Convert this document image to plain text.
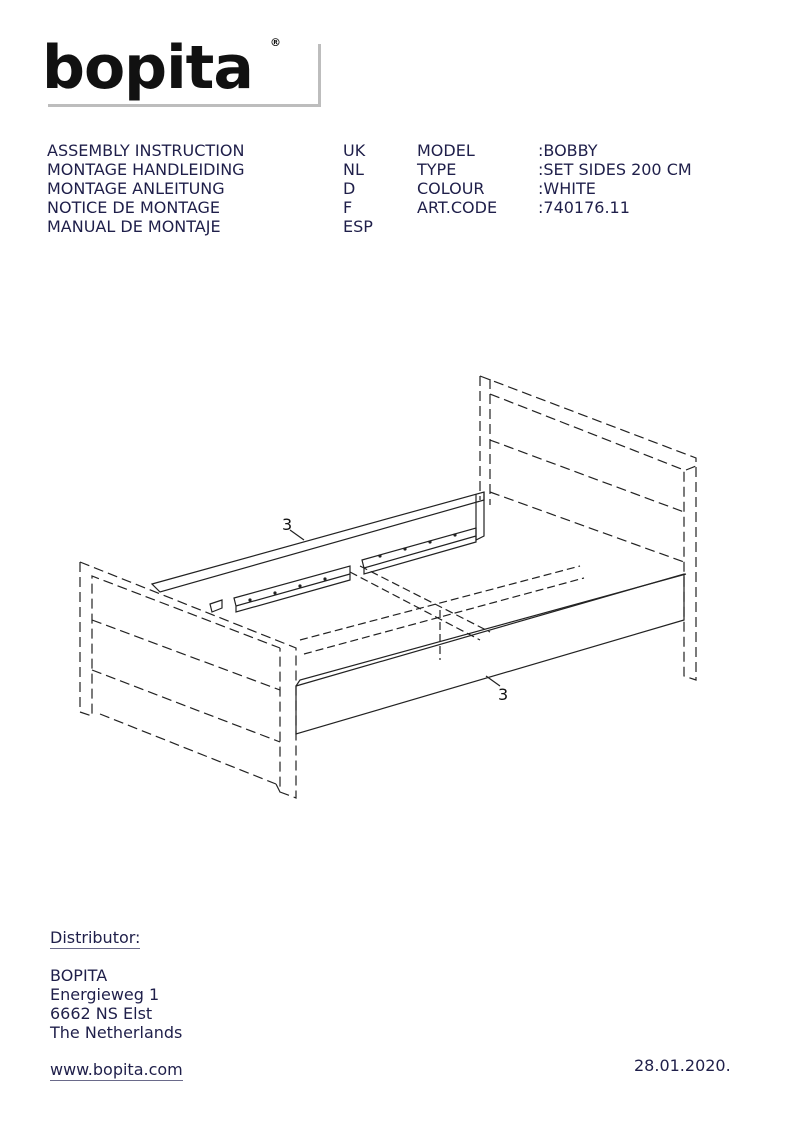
bopita ®
ASSEMBLY INSTRUCTION
MONTAGE HANDLEIDING
MONTAGE ANLEITUNG
NOTICE DE MONTAGE
MANUAL DE MONTAJE
UK
NL
D
F
ESP
MODEL
TYPE
COLOUR
ART.CODE
:BOBBY
:SET SIDES 200 CM
:WHITE
:740176.11
3
3
Distributor:
BOPITA
Energieweg 1
6662 NS Elst
The Netherlands
www.bopita.com	28.01.2020.
